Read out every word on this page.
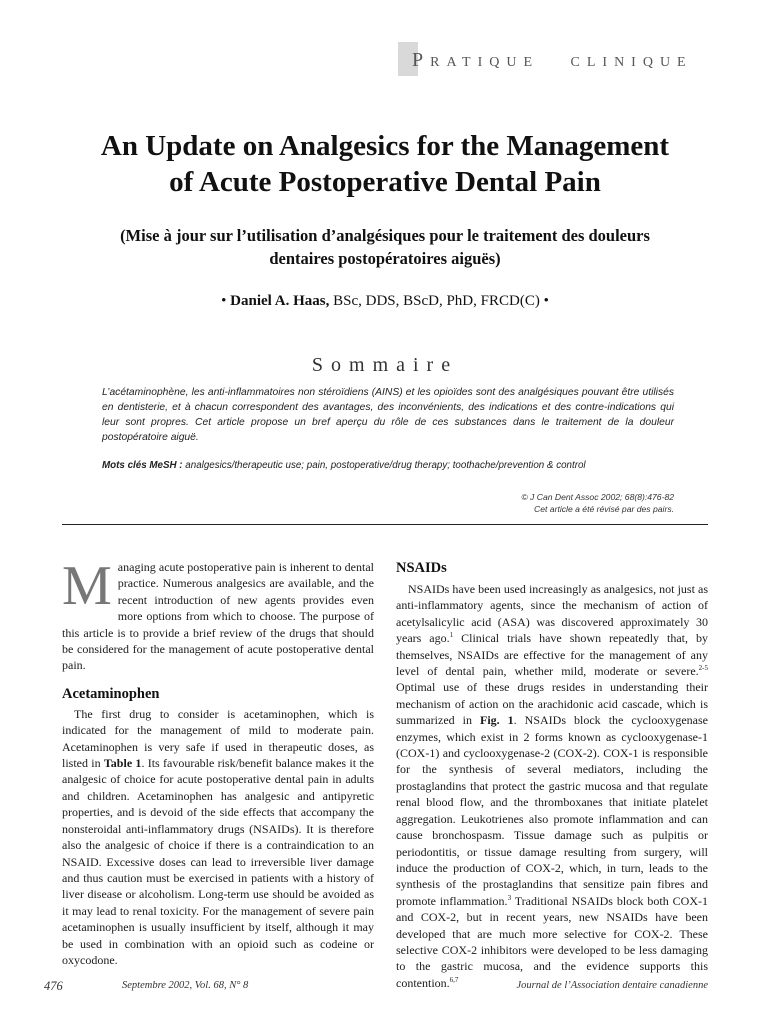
PRATIQUE CLINIQUE
An Update on Analgesics for the Management
of Acute Postoperative Dental Pain
(Mise à jour sur l’utilisation d’analgésiques pour le traitement des douleurs
dentaires postopératoires aiguës)
• Daniel A. Haas, BSc, DDS, BScD, PhD, FRCD(C) •
Sommaire
L’acétaminophène, les anti-inflammatoires non stéroïdiens (AINS) et les opioïdes sont des analgésiques pouvant être utilisés en dentisterie, et à chacun correspondent des avantages, des inconvénients, des indications et des contre-indications qui leur sont propres. Cet article propose un bref aperçu du rôle de ces substances dans le traitement de la douleur postopératoire aiguë.
Mots clés MeSH : analgesics/therapeutic use; pain, postoperative/drug therapy; toothache/prevention & control
© J Can Dent Assoc 2002; 68(8):476-82
Cet article a été révisé par des pairs.

Managing acute postoperative pain is inherent to dental practice. Numerous analgesics are available, and the recent introduction of new agents provides even more options from which to choose. The purpose of this article is to provide a brief review of the drugs that should be considered for the management of acute postoperative dental pain.

Acetaminophen

The first drug to consider is acetaminophen, which is indicated for the management of mild to moderate pain. Acetaminophen is very safe if used in therapeutic doses, as listed in Table 1. Its favourable risk/benefit balance makes it the analgesic of choice for acute postoperative dental pain in adults and children. Acetaminophen has analgesic and antipyretic properties, and is devoid of the side effects that accompany the nonsteroidal anti-inflammatory drugs (NSAIDs). It is therefore also the analgesic of choice if there is a contraindication to an NSAID. Excessive doses can lead to irreversible liver damage and thus caution must be exercised in patients with a history of liver disease or alcoholism. Long-term use should be avoided as it may lead to renal toxicity. For the management of severe pain acetaminophen is usually insufficient by itself, although it may be used in combination with an opioid such as codeine or oxycodone.

NSAIDs

NSAIDs have been used increasingly as analgesics, not just as anti-inflammatory agents, since the mechanism of action of acetylsalicylic acid (ASA) was discovered approximately 30 years ago.$^1$ Clinical trials have shown repeatedly that, by themselves, NSAIDs are effective for the management of any level of dental pain, whether mild, moderate or severe.$^{2-5}$ Optimal use of these drugs resides in understanding their mechanism of action on the arachidonic acid cascade, which is summarized in Fig. 1. NSAIDs block the cyclooxygenase enzymes, which exist in 2 forms known as cyclooxygenase-1 (COX-1) and cyclooxygenase-2 (COX-2). COX-1 is responsible for the synthesis of several mediators, including the prostaglandins that protect the gastric mucosa and that regulate renal blood flow, and the thromboxanes that initiate platelet aggregation. Leukotrienes also promote inflammation and can cause bronchospasm. Tissue damage such as pulpitis or periodontitis, or tissue damage resulting from surgery, will induce the production of COX-2, which, in turn, leads to the synthesis of the prostaglandins that sensitize pain fibres and promote inflammation.$^3$ Traditional NSAIDs block both COX-1 and COX-2, but in recent years, new NSAIDs have been developed that are much more selective for COX-2. These selective COX-2 inhibitors were developed to be less damaging to the gastric mucosa, and the evidence supports this contention.$^{6,7}$

476	Septembre 2002, Vol. 68, N° 8	Journal de l’Association dentaire canadienne
